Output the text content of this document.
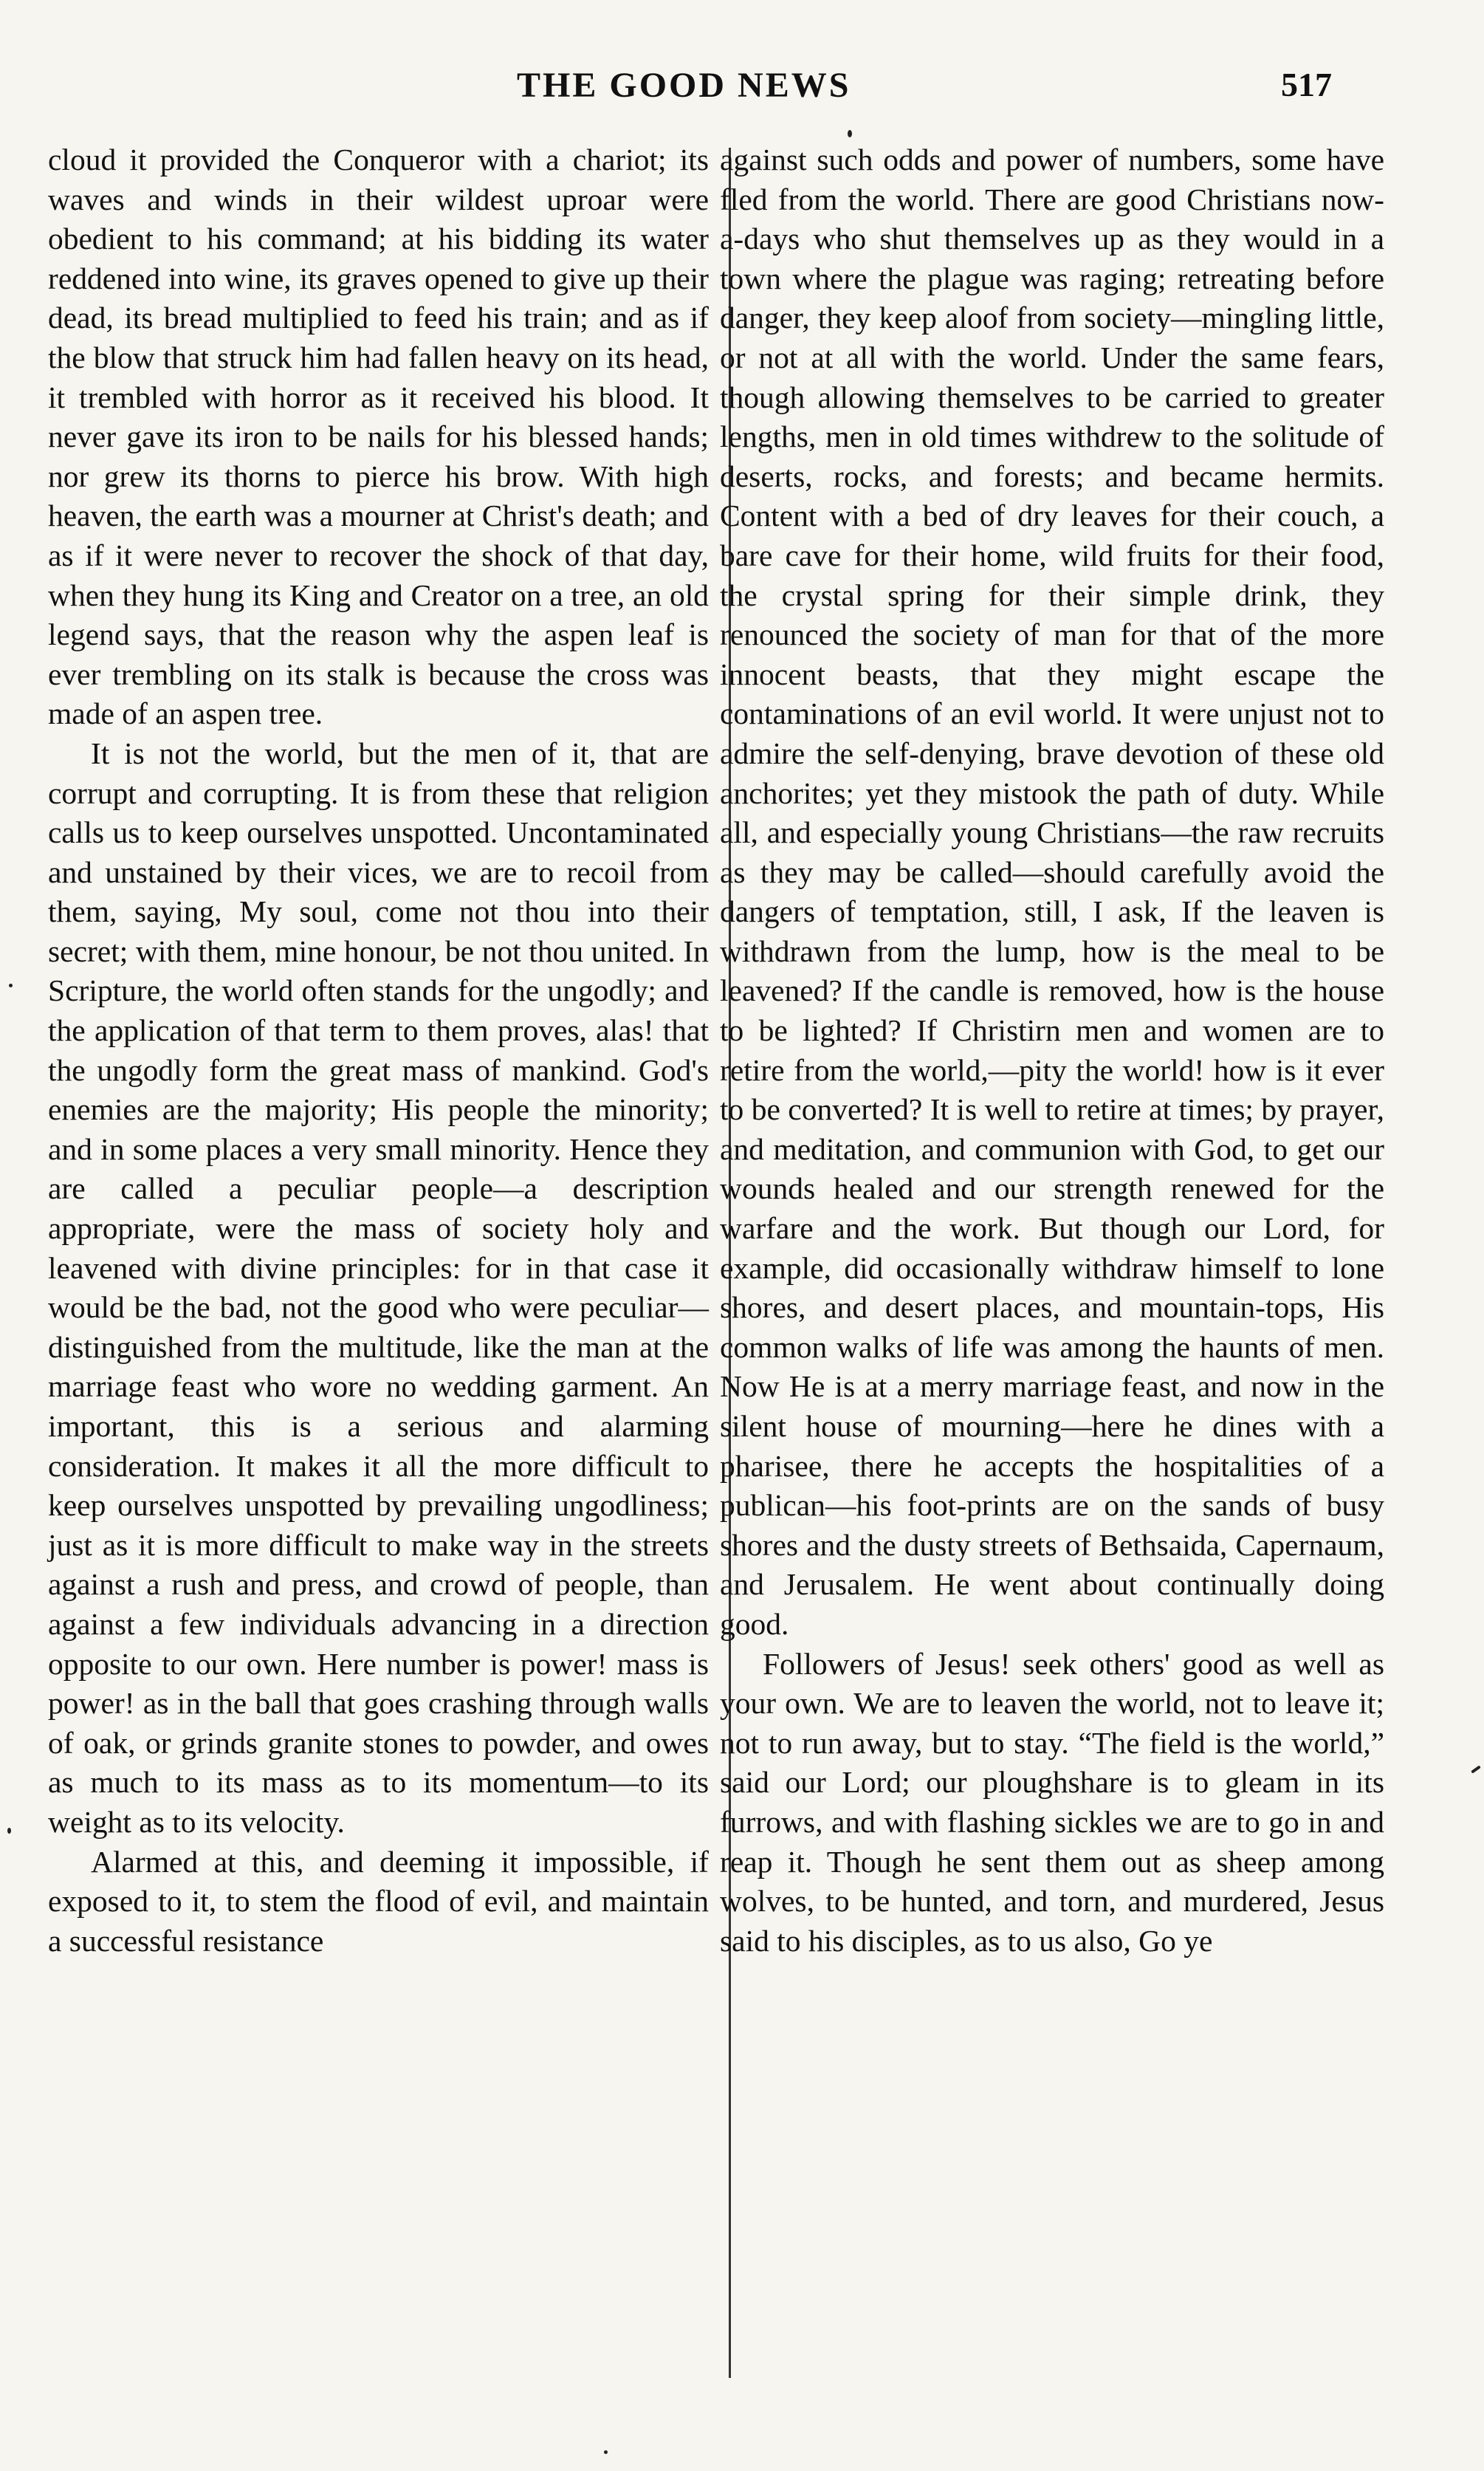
THE GOOD NEWS	517

cloud it provided the Conqueror with a chariot; its waves and winds in their wildest uproar were obedient to his command; at his bidding its water reddened into wine, its graves opened to give up their dead, its bread multiplied to feed his train; and as if the blow that struck him had fallen heavy on its head, it trembled with horror as it received his blood. It never gave its iron to be nails for his blessed hands; nor grew its thorns to pierce his brow. With high heaven, the earth was a mourner at Christ's death; and as if it were never to recover the shock of that day, when they hung its King and Creator on a tree, an old legend says, that the reason why the aspen leaf is ever trembling on its stalk is because the cross was made of an aspen tree.

It is not the world, but the men of it, that are corrupt and corrupting. It is from these that religion calls us to keep ourselves unspotted. Uncontaminated and unstained by their vices, we are to recoil from them, saying, My soul, come not thou into their secret; with them, mine honour, be not thou united. In Scripture, the world often stands for the ungodly; and the application of that term to them proves, alas! that the ungodly form the great mass of mankind. God's enemies are the majority; His people the minority; and in some places a very small minority. Hence they are called a peculiar people—a description appropriate, were the mass of society holy and leavened with divine principles: for in that case it would be the bad, not the good who were peculiar—distinguished from the multitude, like the man at the marriage feast who wore no wedding garment. An important, this is a serious and alarming consideration. It makes it all the more difficult to keep ourselves unspotted by prevailing ungodliness; just as it is more difficult to make way in the streets against a rush and press, and crowd of people, than against a few individuals advancing in a direction opposite to our own. Here number is power! mass is power! as in the ball that goes crashing through walls of oak, or grinds granite stones to powder, and owes as much to its mass as to its momentum—to its weight as to its velocity.

Alarmed at this, and deeming it impossible, if exposed to it, to stem the flood of evil, and maintain a successful resistance

against such odds and power of numbers, some have fled from the world. There are good Christians now-a-days who shut themselves up as they would in a town where the plague was raging; retreating before danger, they keep aloof from society—mingling little, or not at all with the world. Under the same fears, though allowing themselves to be carried to greater lengths, men in old times withdrew to the solitude of deserts, rocks, and forests; and became hermits. Content with a bed of dry leaves for their couch, a bare cave for their home, wild fruits for their food, the crystal spring for their simple drink, they renounced the society of man for that of the more innocent beasts, that they might escape the contaminations of an evil world. It were unjust not to admire the self-denying, brave devotion of these old anchorites; yet they mistook the path of duty. While all, and especially young Christians—the raw recruits as they may be called—should carefully avoid the dangers of temptation, still, I ask, If the leaven is withdrawn from the lump, how is the meal to be leavened? If the candle is removed, how is the house to be lighted? If Christirn men and women are to retire from the world,—pity the world! how is it ever to be converted? It is well to retire at times; by prayer, and meditation, and communion with God, to get our wounds healed and our strength renewed for the warfare and the work. But though our Lord, for example, did occasionally withdraw himself to lone shores, and desert places, and mountain-tops, His common walks of life was among the haunts of men. Now He is at a merry marriage feast, and now in the silent house of mourning—here he dines with a pharisee, there he accepts the hospitalities of a publican—his foot-prints are on the sands of busy shores and the dusty streets of Bethsaida, Capernaum, and Jerusalem. He went about continually doing good.

Followers of Jesus! seek others' good as well as your own. We are to leaven the world, not to leave it; not to run away, but to stay. “The field is the world,” said our Lord; our ploughshare is to gleam in its furrows, and with flashing sickles we are to go in and reap it. Though he sent them out as sheep among wolves, to be hunted, and torn, and murdered, Jesus said to his disciples, as to us also, Go ye
